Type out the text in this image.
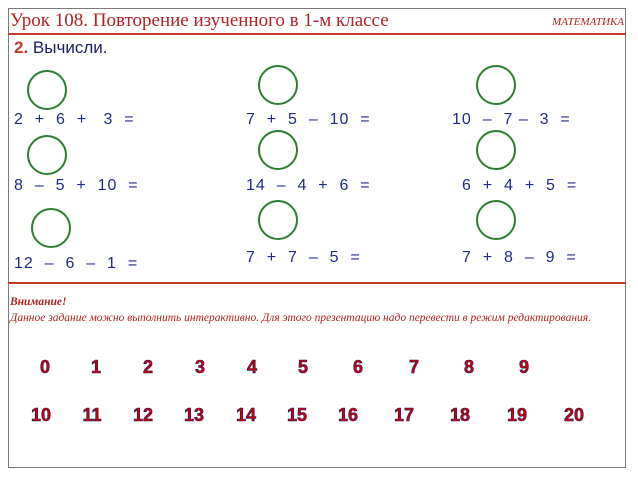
Урок 108. Повторение изученного в 1-м классе	МАТЕМАТИКА
2. Вычисли.
2  +  6  +   3  =	7  +  5  –  10  =	10  –  7 –  3  =
8  –  5  +  10  =	14  –  4  +  6  =	6  +  4  +  5  =
12  –  6  –  1  =	7  +  7  –  5  =	7  +  8  –  9  =
Внимание!
Данное задание можно выполнить интерактивно. Для этого презентацию надо перевести в режим редактирования.
0	1	2	3	4	5	6	7	8	9
10	11	12	13	14	15	16	17	18	19	20
